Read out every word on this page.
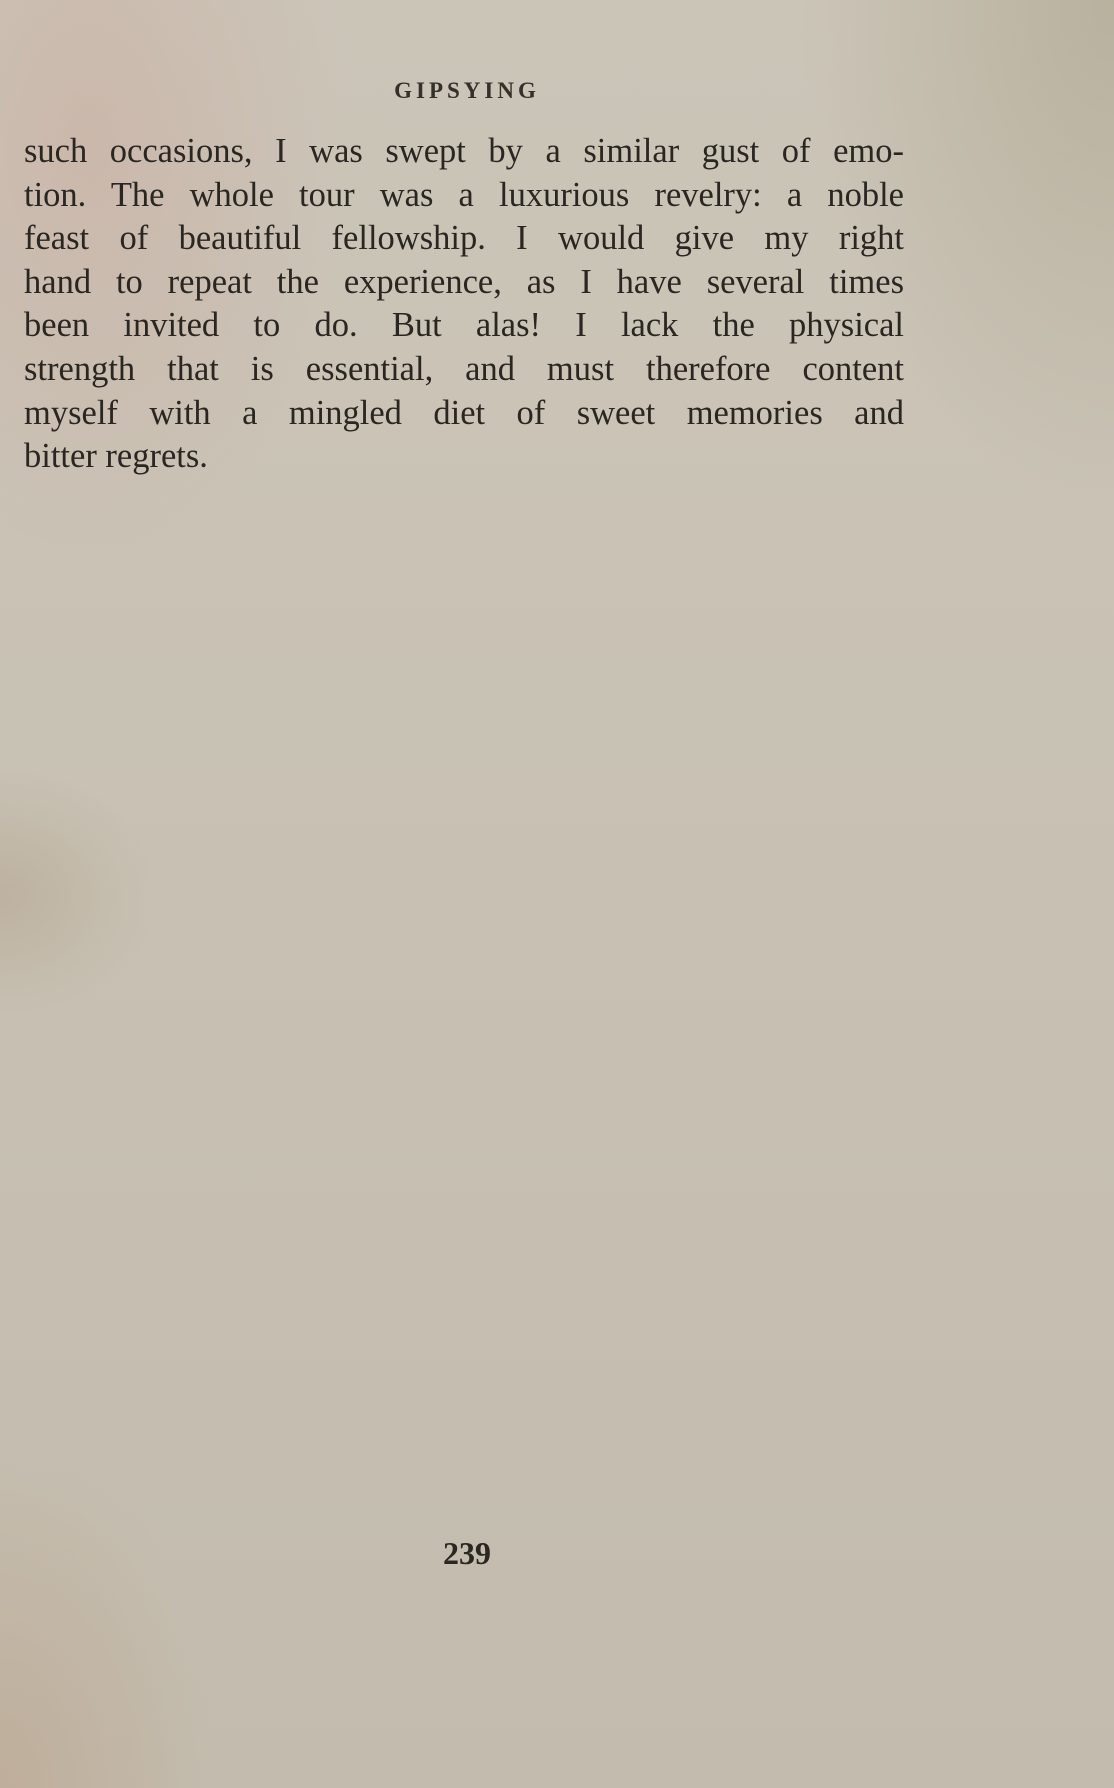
GIPSYING
such occasions, I was swept by a similar gust of emo-
tion. The whole tour was a luxurious revelry: a noble
feast of beautiful fellowship. I would give my right
hand to repeat the experience, as I have several times
been invited to do. But alas! I lack the physical
strength that is essential, and must therefore content
myself with a mingled diet of sweet memories and
bitter regrets.
239
